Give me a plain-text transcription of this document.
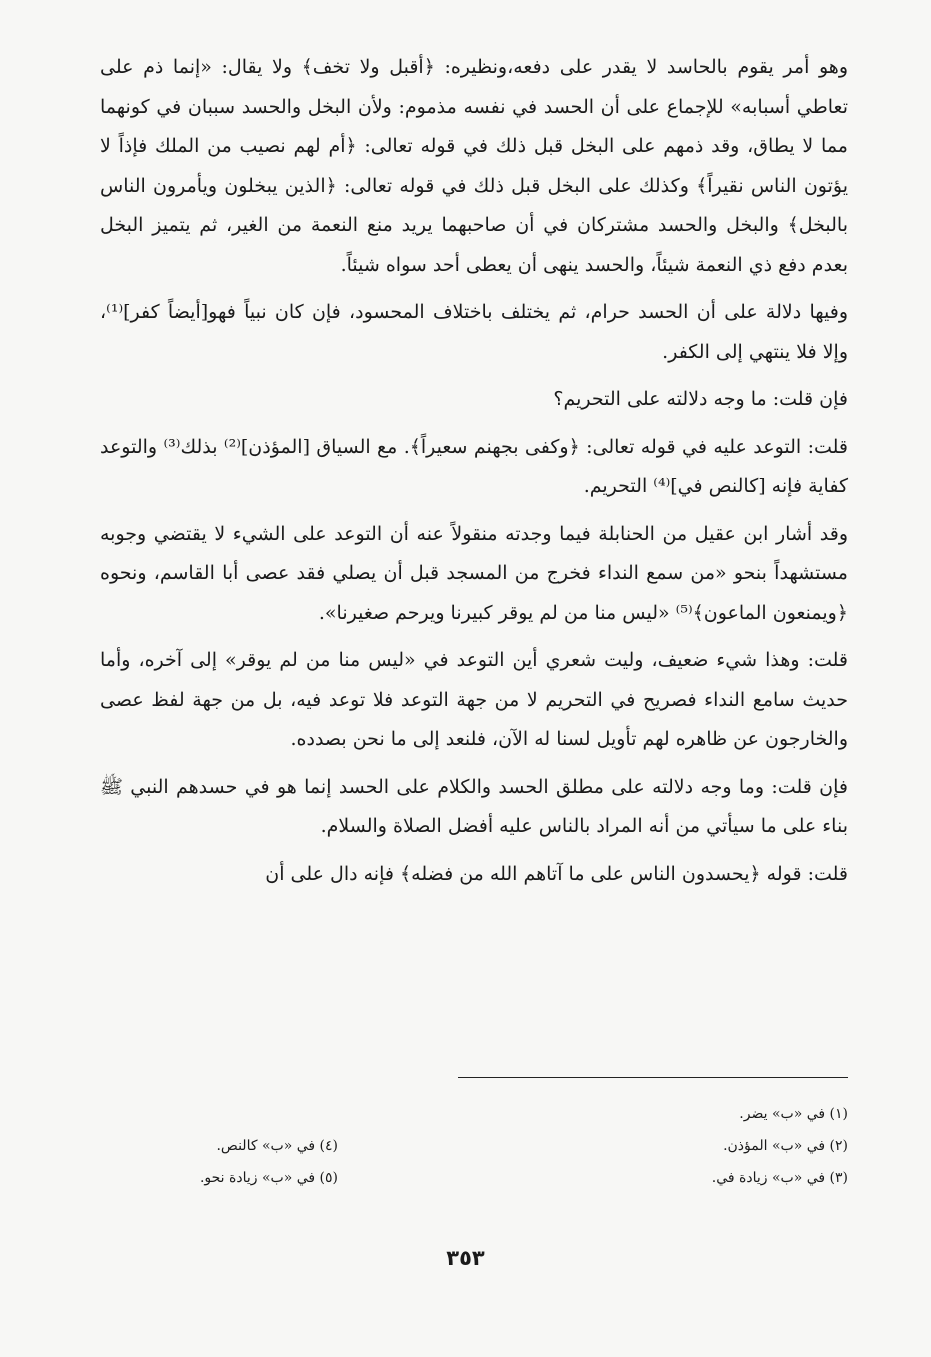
وهو أمر يقوم بالحاسد لا يقدر على دفعه،ونظيره: ﴿أقبل ولا تخف﴾ ولا يقال: «إنما ذم على تعاطي أسبابه» للإجماع على أن الحسد في نفسه مذموم: ولأن البخل والحسد سببان في كونهما مما لا يطاق، وقد ذمهم على البخل قبل ذلك في قوله تعالى: ﴿أم لهم نصيب من الملك فإذاً لا يؤتون الناس نقيراً﴾ وكذلك على البخل قبل ذلك في قوله تعالى: ﴿الذين يبخلون ويأمرون الناس بالبخل﴾ والبخل والحسد مشتركان في أن صاحبهما يريد منع النعمة من الغير، ثم يتميز البخل بعدم دفع ذي النعمة شيئاً، والحسد ينهى أن يعطى أحد سواه شيئاً.

وفيها دلالة على أن الحسد حرام، ثم يختلف باختلاف المحسود، فإن كان نبياً فهو[أيضاً كفر]⁽¹⁾، وإلا فلا ينتهي إلى الكفر.

فإن قلت: ما وجه دلالته على التحريم؟

قلت: التوعد عليه في قوله تعالى: ﴿وكفى بجهنم سعيراً﴾. مع السياق [المؤذن]⁽²⁾ بذلك⁽³⁾ والتوعد كفاية فإنه [كالنص في]⁽⁴⁾ التحريم.

وقد أشار ابن عقيل من الحنابلة فيما وجدته منقولاً عنه أن التوعد على الشيء لا يقتضي وجوبه مستشهداً بنحو «من سمع النداء فخرج من المسجد قبل أن يصلي فقد عصى أبا القاسم، ونحوه ﴿ويمنعون الماعون﴾⁽⁵⁾ «ليس منا من لم يوقر كبيرنا ويرحم صغيرنا».

قلت: وهذا شيء ضعيف، وليت شعري أين التوعد في «ليس منا من لم يوقر» إلى آخره، وأما حديث سامع النداء فصريح في التحريم لا من جهة التوعد فلا توعد فيه، بل من جهة لفظ عصى والخارجون عن ظاهره لهم تأويل لسنا له الآن، فلنعد إلى ما نحن بصدده.

فإن قلت: وما وجه دلالته على مطلق الحسد والكلام على الحسد إنما هو في حسدهم النبي ﷺ بناء على ما سيأتي من أنه المراد بالناس عليه أفضل الصلاة والسلام.

قلت: قوله ﴿يحسدون الناس على ما آتاهم الله من فضله﴾ فإنه دال على أن

(١) في «ب» يضر.
(٢) في «ب» المؤذن.
(٣) في «ب» زيادة في.

(٤) في «ب» كالنص.
(٥) في «ب» زيادة نحو.
٣٥٣
